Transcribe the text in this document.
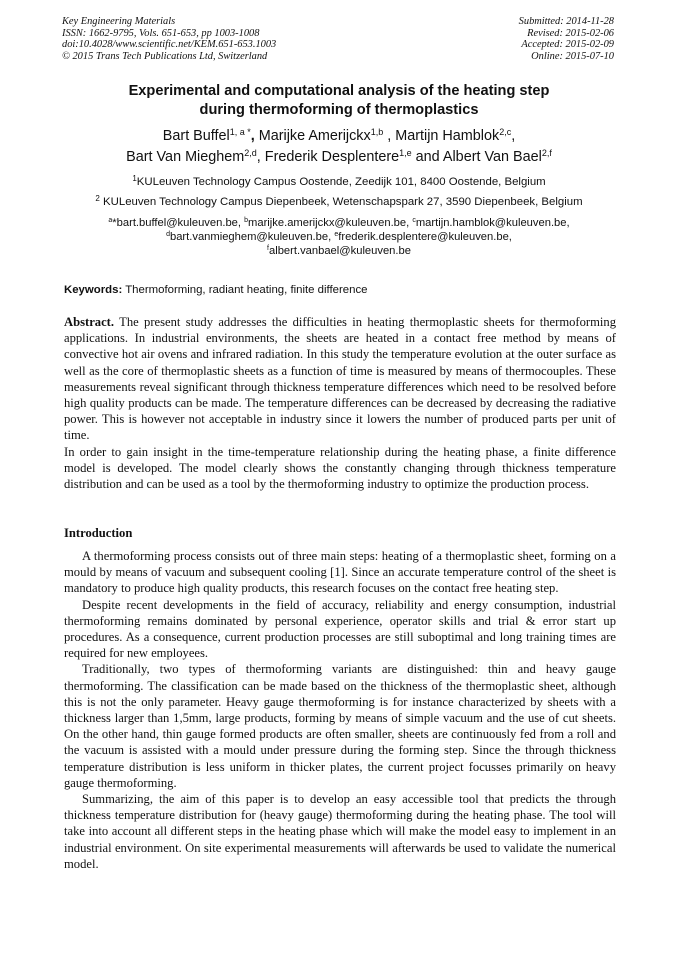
Key Engineering Materials
ISSN: 1662-9795, Vols. 651-653, pp 1003-1008
doi:10.4028/www.scientific.net/KEM.651-653.1003
© 2015 Trans Tech Publications Ltd, Switzerland
Submitted: 2014-11-28
Revised: 2015-02-06
Accepted: 2015-02-09
Online: 2015-07-10
Experimental and computational analysis of the heating step
during thermoforming of thermoplastics
Bart Buffel$^{1, a *}$, Marijke Amerijckx$^{1,b}$ , Martijn Hamblok$^{2,c}$,
Bart Van Mieghem$^{2,d}$, Frederik Desplentere$^{1,e}$ and Albert Van Bael$^{2,f}$
$^1$KULeuven Technology Campus Oostende, Zeedijk 101, 8400 Oostende, Belgium
$^2$ KULeuven Technology Campus Diepenbeek, Wetenschapspark 27, 3590 Diepenbeek, Belgium
$^a$*bart.buffel@kuleuven.be, $^b$marijke.amerijckx@kuleuven.be, $^c$martijn.hamblok@kuleuven.be,
$^d$bart.vanmieghem@kuleuven.be, $^e$frederik.desplentere@kuleuven.be,
$^f$albert.vanbael@kuleuven.be
Keywords: Thermoforming, radiant heating, finite difference

Abstract. The present study addresses the difficulties in heating thermoplastic sheets for thermoforming applications. In industrial environments, the sheets are heated in a contact free method by means of convective hot air ovens and infrared radiation. In this study the temperature evolution at the outer surface as well as the core of thermoplastic sheets as a function of time is measured by means of thermocouples. These measurements reveal significant through thickness temperature differences which need to be resolved before high quality products can be made. The temperature differences can be decreased by decreasing the radiative power. This is however not acceptable in industry since it lowers the number of produced parts per unit of time.

In order to gain insight in the time-temperature relationship during the heating phase, a finite difference model is developed. The model clearly shows the constantly changing through thickness temperature distribution and can be used as a tool by the thermoforming industry to optimize the production process.

Introduction

A thermoforming process consists out of three main steps: heating of a thermoplastic sheet, forming on a mould by means of vacuum and subsequent cooling [1]. Since an accurate temperature control of the sheet is mandatory to produce high quality products, this research focuses on the contact free heating step.

Despite recent developments in the field of accuracy, reliability and energy consumption, industrial thermoforming remains dominated by personal experience, operator skills and trial & error start up procedures. As a consequence, current production processes are still suboptimal and long training times are required for new employees.

Traditionally, two types of thermoforming variants are distinguished: thin and heavy gauge thermoforming. The classification can be made based on the thickness of the thermoplastic sheet, although this is not the only parameter. Heavy gauge thermoforming is for instance characterized by sheets with a thickness larger than 1,5mm, large products, forming by means of simple vacuum and the use of cut sheets. On the other hand, thin gauge formed products are often smaller, sheets are continuously fed from a roll and the vacuum is assisted with a mould under pressure during the forming step. Since the through thickness temperature distribution is less uniform in thicker plates, the current project focusses primarily on heavy gauge thermoforming.

Summarizing, the aim of this paper is to develop an easy accessible tool that predicts the through thickness temperature distribution for (heavy gauge) thermoforming during the heating phase. The tool will take into account all different steps in the heating phase which will make the model easy to implement in an industrial environment. On site experimental measurements will afterwards be used to validate the numerical model.
